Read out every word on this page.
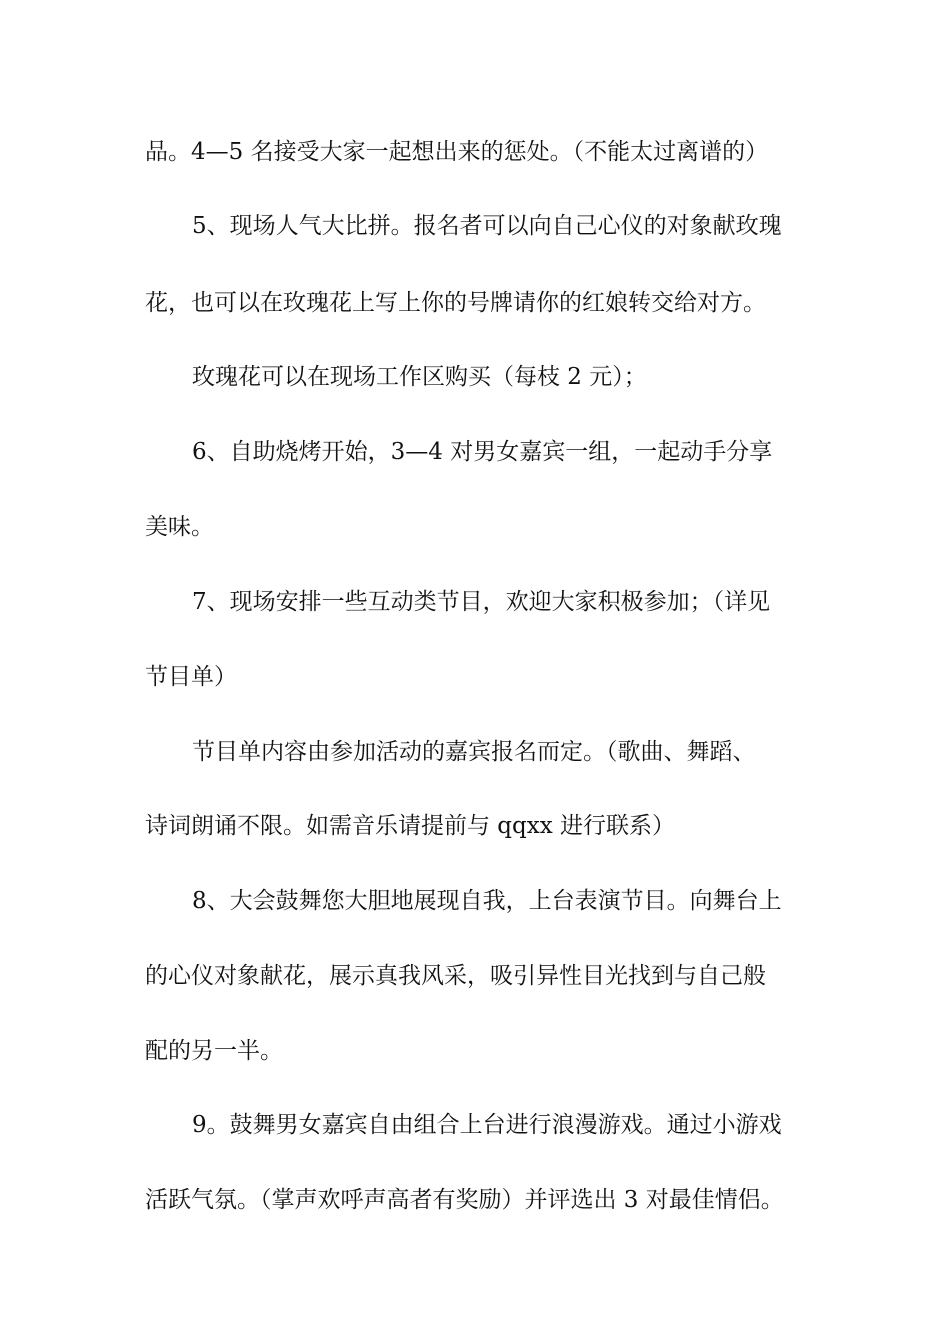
品。4—5 名接受大家一起想出来的惩处。（不能太过离谱的）

5、现场人气大比拼。报名者可以向自己心仪的对象献玫瑰

花，也可以在玫瑰花上写上你的号牌请你的红娘转交给对方。

玫瑰花可以在现场工作区购买（每枝 2 元）；

6、自助烧烤开始，3—4 对男女嘉宾一组，一起动手分享

美味。

7、现场安排一些互动类节目，欢迎大家积极参加；（详见

节目单）

节目单内容由参加活动的嘉宾报名而定。（歌曲、舞蹈、

诗词朗诵不限。如需音乐请提前与 qqxx 进行联系）

8、大会鼓舞您大胆地展现自我，上台表演节目。向舞台上

的心仪对象献花，展示真我风采，吸引异性目光找到与自己般

配的另一半。

9。鼓舞男女嘉宾自由组合上台进行浪漫游戏。通过小游戏

活跃气氛。（掌声欢呼声高者有奖励）并评选出 3 对最佳情侣。
